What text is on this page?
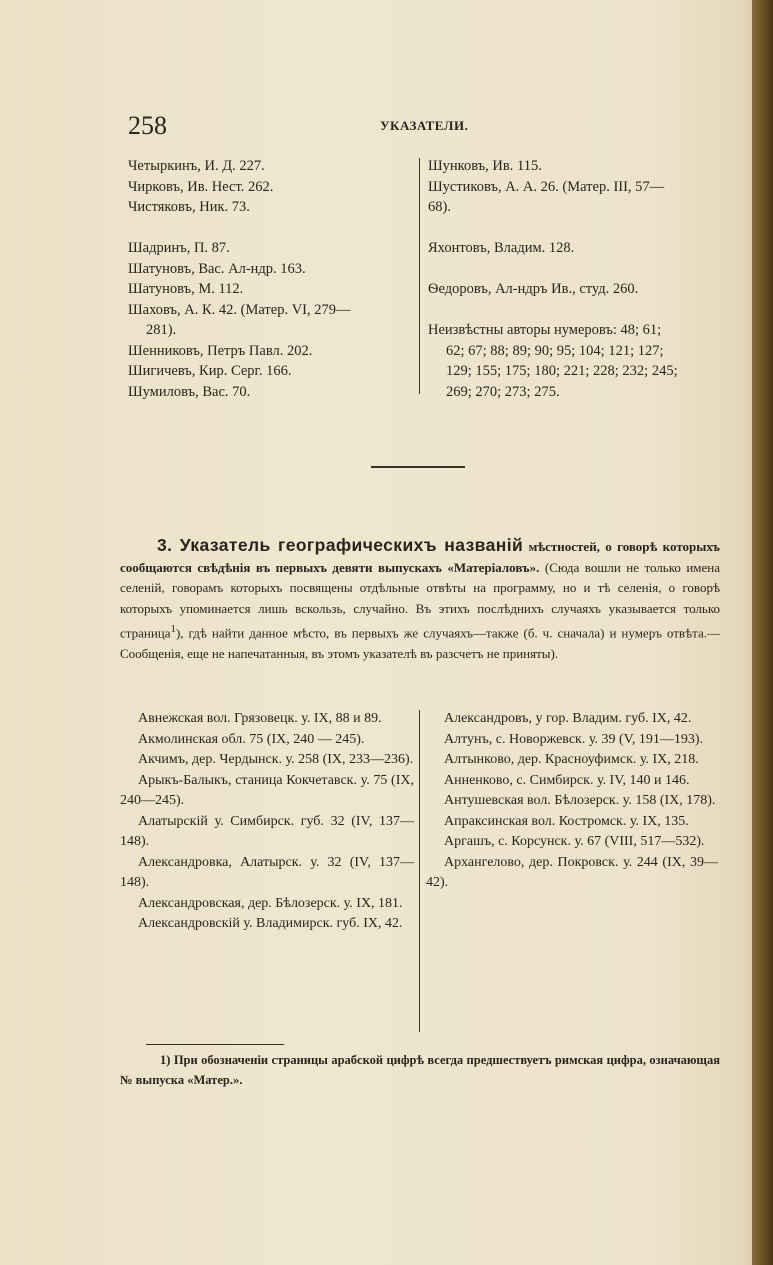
258	УКАЗАТЕЛИ.
Четыркинъ, И. Д. 227.
Чирковъ, Ив. Нест. 262.
Чистяковъ, Ник. 73.
Шадринъ, П. 87.
Шатуновъ, Вас. Ал-ндр. 163.
Шатуновъ, М. 112.
Шаховъ, А. К. 42. (Матер. VI, 279—
281).
Шенниковъ, Петръ Павл. 202.
Шигичевъ, Кир. Серг. 166.
Шумиловъ, Вас. 70.
Шунковъ, Ив. 115.
Шустиковъ, А. А. 26. (Матер. III, 57—
68).
Яхонтовъ, Владим. 128.
Ѳедоровъ, Ал-ндръ Ив., студ. 260.
Неизвѣстны авторы нумеровъ: 48; 61;
62; 67; 88; 89; 90; 95; 104; 121; 127;
129; 155; 175; 180; 221; 228; 232; 245;
269; 270; 273; 275.
3. Указатель географическихъ названій мѣстностей, о говорѣ которыхъ сообщаются свѣдѣнія въ первыхъ девяти выпускахъ «Матеріаловъ». (Сюда вошли не только имена селеній, говорамъ которыхъ посвящены отдѣльные отвѣты на программу, но и тѣ селенія, о говорѣ которыхъ упоминается лишь вскользь, случайно. Въ этихъ послѣднихъ случаяхъ указывается только страница$^1$), гдѣ найти данное мѣсто, въ первыхъ же случаяхъ—также (б. ч. сначала) и нумеръ отвѣта.—Сообщенія, еще не напечатанныя, въ этомъ указателѣ въ разсчетъ не приняты).
Авнежская вол. Грязовецк. у. IX, 88 и 89.
Акмолинская обл. 75 (IX, 240 — 245).
Акчимъ, дер. Чердынск. у. 258 (IX, 233—236).
Арыкъ-Балыкъ, станица Кокчетавск. у. 75 (IX, 240—245).
Алатырскій у. Симбирск. губ. 32 (IV, 137—148).
Александровка, Алатырск. у. 32 (IV, 137—148).
Александровская, дер. Бѣлозерск. у. IX, 181.
Александровскій у. Владимирск. губ. IX, 42.
Александровъ, у гор. Владим. губ. IX, 42.
Алтунъ, с. Новоржевск. у. 39 (V, 191—193).
Алтынково, дер. Красноуфимск. у. IX, 218.
Анненково, с. Симбирск. у. IV, 140 и 146.
Антушевская вол. Бѣлозерск. у. 158 (IX, 178).
Апраксинская вол. Костромск. у. IX, 135.
Аргашъ, с. Корсунск. у. 67 (VIII, 517—532).
Архангелово, дер. Покровск. у. 244 (IX, 39—42).
1) При обозначеніи страницы арабской цифрѣ всегда предшествуетъ римская цифра, означающая № выпуска «Матер.».
